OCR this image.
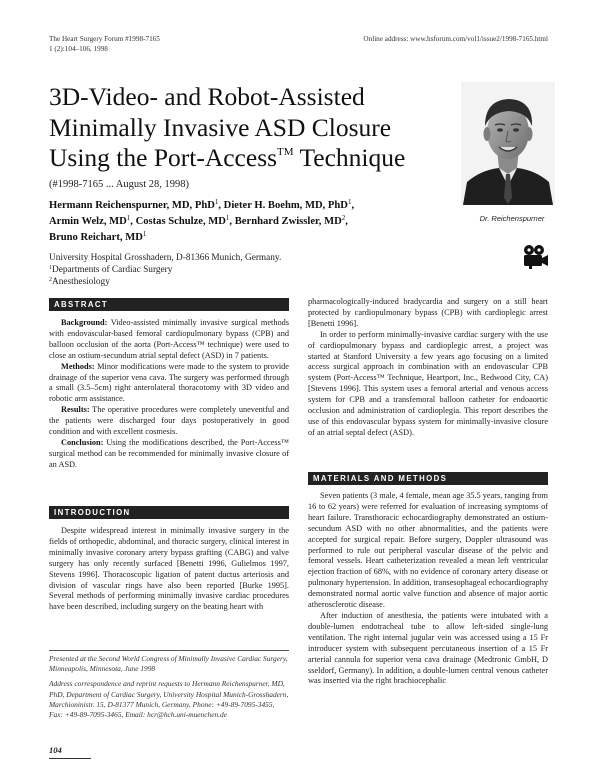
The Heart Surgery Forum #1998-7165
1 (2):104–106, 1998
Online address: www.hsforum.com/vol1/issue2/1998-7165.html
3D-Video- and Robot-Assisted
Minimally Invasive ASD Closure
Using the Port-Access™ Technique
(#1998-7165 ... August 28, 1998)
Hermann Reichenspurner, MD, PhD$^1$, Dieter H. Boehm, MD, PhD$^1$,
Armin Welz, $MD^1$, Costas Schulze, $MD^1$, Bernhard Zwissler, $MD^2$,
Bruno Reichart, $MD^1$
Dr. Reichenspurner
University Hospital Grosshadern, D-81366 Munich, Germany.
$^1$Departments of Cardiac Surgery
$^2$Anesthesiology
ABSTRACT

Background: Video-assisted minimally invasive surgical methods with endovascular-based femoral cardiopulmonary bypass (CPB) and balloon occlusion of the aorta (Port-Access™ technique) were used to close an ostium-secundum atrial septal defect (ASD) in 7 patients.

Methods: Minor modifications were made to the system to provide drainage of the superior vena cava. The surgery was performed through a small (3.5–5cm) right anterolateral thoracotomy with 3D video and robotic arm assistance.

Results: The operative procedures were completely uneventful and the patients were discharged four days postoperatively in good condition and with excellent cosmesis.

Conclusion: Using the modifications described, the Port-Access™ surgical method can be recommended for minimally invasive closure of an ASD.

INTRODUCTION

Despite widespread interest in minimally invasive surgery in the fields of orthopedic, abdominal, and thoracic surgery, clinical interest in minimally invasive coronary artery bypass grafting (CABG) and valve surgery has only recently surfaced [Benetti 1996, Gulielmos 1997, Stevens 1996]. Thoracoscopic ligation of patent ductus arteriosis and division of vascular rings have also been reported [Burke 1995]. Several methods of performing minimally invasive cardiac procedures have been described, including surgery on the beating heart with

Presented at the Second World Congress of Minimally Invasive Cardiac Surgery, Minneapolis, Minnesota, June 1998

Address correspondence and reprint requests to Hermann Reichenspurner, MD, PhD, Department of Cardiac Surgery, University Hospital Munich-Grosshadern, Marchioninistr. 15, D-81377 Munich, Germany, Phone: +49-89-7095-3455, Fax: +49-89-7095-3465, Email: hcr@hch.uni-muenchen.de

pharmacologically-induced bradycardia and surgery on a still heart protected by cardiopulmonary bypass (CPB) with cardioplegic arrest [Benetti 1996].

In order to perform minimally-invasive cardiac surgery with the use of cardiopulmonary bypass and cardioplegic arrest, a project was started at Stanford University a few years ago focusing on a limited access surgical approach in combination with an endovascular CPB system (Port-Access™ Technique, Heartport, Inc., Redwood City, CA) [Stevens 1996]. This system uses a femoral arterial and venous access system for CPB and a transfemoral balloon catheter for endoaortic occlusion and administration of cardioplegia. This report describes the use of this endovascular bypass system for minimally-invasive closure of an atrial septal defect (ASD).

MATERIALS AND METHODS

Seven patients (3 male, 4 female, mean age 35.5 years, ranging from 16 to 62 years) were referred for evaluation of increasing symptoms of heart failure. Transthoracic echocardiography demonstrated an ostium-secundum ASD with no other abnormalities, and the patients were accepted for surgical repair. Before surgery, Doppler ultrasound was performed to rule out peripheral vascular disease of the pelvic and femoral vessels. Heart catheterization revealed a mean left ventricular ejection fraction of 68%, with no evidence of coronary artery disease or pulmonary hypertension. In addition, transesophageal echocardiography demonstrated normal aortic valve function and absence of major aortic atherosclerotic disease.

After induction of anesthesia, the patients were intubated with a double-lumen endotracheal tube to allow left-sided single-lung ventilation. The right internal jugular vein was accessed using a 15 Fr introducer system with subsequent percutaneous insertion of a 15 Fr arterial cannula for superior vena cava drainage (Medtronic GmbH, D sseldorf, Germany). In addition, a double-lumen central venous catheter was inserted via the right brachiocephalic

104
